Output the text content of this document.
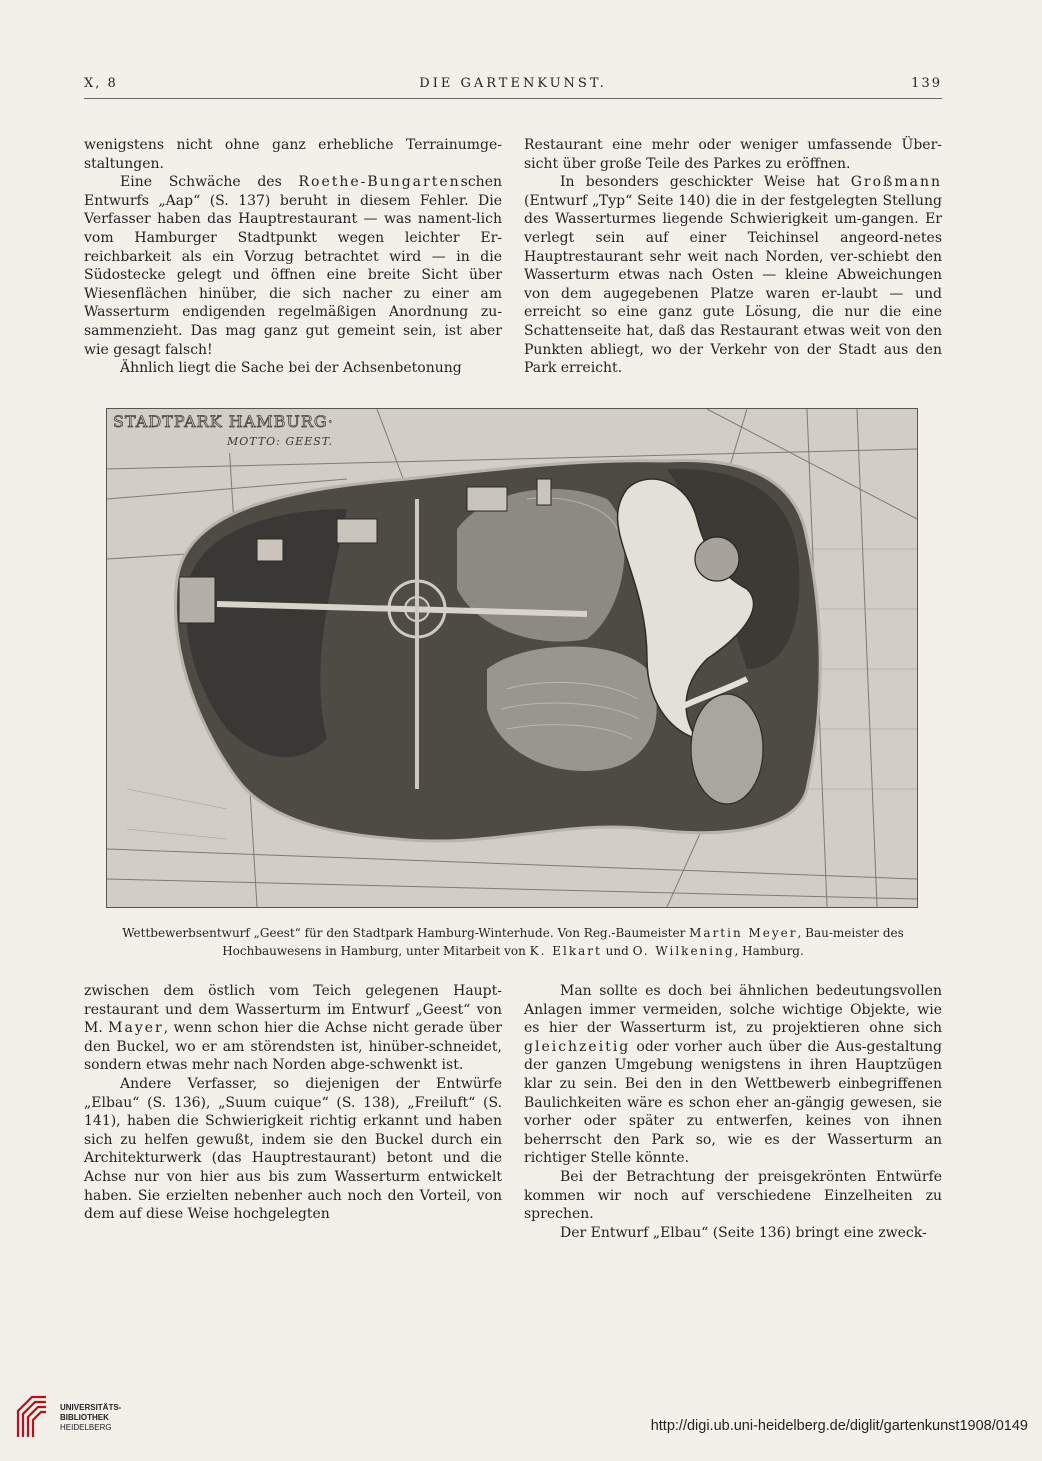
X, 8	DIE GARTENKUNST.	139

wenigstens nicht ohne ganz erhebliche Terrainumge-staltungen.

Eine Schwäche des Roethe-Bungartenschen Entwurfs „Aap“ (S. 137) beruht in diesem Fehler. Die Verfasser haben das Hauptrestaurant — was nament-lich vom Hamburger Stadtpunkt wegen leichter Er-reichbarkeit als ein Vorzug betrachtet wird — in die Südostecke gelegt und öffnen eine breite Sicht über Wiesenflächen hinüber, die sich nacher zu einer am Wasserturm endigenden regelmäßigen Anordnung zu-sammenzieht. Das mag ganz gut gemeint sein, ist aber wie gesagt falsch!

Ähnlich liegt die Sache bei der Achsenbetonung

Restaurant eine mehr oder weniger umfassende Über-sicht über große Teile des Parkes zu eröffnen.

In besonders geschickter Weise hat Großmann (Entwurf „Typ“ Seite 140) die in der festgelegten Stellung des Wasserturmes liegende Schwierigkeit um-gangen. Er verlegt sein auf einer Teichinsel angeord-netes Hauptrestaurant sehr weit nach Norden, ver-schiebt den Wasserturm etwas nach Osten — kleine Abweichungen von dem augegebenen Platze waren er-laubt — und erreicht so eine ganz gute Lösung, die nur die eine Schattenseite hat, daß das Restaurant etwas weit von den Punkten abliegt, wo der Verkehr von der Stadt aus den Park erreicht.

STADTPARK HAMBURG·
MOTTO: GEEST.
Wettbewerbsentwurf „Geest“ für den Stadtpark Hamburg-Winterhude. Von Reg.-Baumeister Martin Meyer, Bau-meister des Hochbauwesens in Hamburg, unter Mitarbeit von K. Elkart und O. Wilkening, Hamburg.

zwischen dem östlich vom Teich gelegenen Haupt-restaurant und dem Wasserturm im Entwurf „Geest“ von M. Mayer, wenn schon hier die Achse nicht gerade über den Buckel, wo er am störendsten ist, hinüber-schneidet, sondern etwas mehr nach Norden abge-schwenkt ist.

Andere Verfasser, so diejenigen der Entwürfe „Elbau“ (S. 136), „Suum cuique“ (S. 138), „Freiluft“ (S. 141), haben die Schwierigkeit richtig erkannt und haben sich zu helfen gewußt, indem sie den Buckel durch ein Architekturwerk (das Hauptrestaurant) betont und die Achse nur von hier aus bis zum Wasserturm entwickelt haben. Sie erzielten nebenher auch noch den Vorteil, von dem auf diese Weise hochgelegten

Man sollte es doch bei ähnlichen bedeutungsvollen Anlagen immer vermeiden, solche wichtige Objekte, wie es hier der Wasserturm ist, zu projektieren ohne sich gleichzeitig oder vorher auch über die Aus-gestaltung der ganzen Umgebung wenigstens in ihren Hauptzügen klar zu sein. Bei den in den Wettbewerb einbegriffenen Baulichkeiten wäre es schon eher an-gängig gewesen, sie vorher oder später zu entwerfen, keines von ihnen beherrscht den Park so, wie es der Wasserturm an richtiger Stelle könnte.

Bei der Betrachtung der preisgekrönten Entwürfe kommen wir noch auf verschiedene Einzelheiten zu sprechen.

Der Entwurf „Elbau“ (Seite 136) bringt eine zweck-

UNIVERSITÄTS-
BIBLIOTHEK
HEIDELBERG	http://digi.ub.uni-heidelberg.de/diglit/gartenkunst1908/0149
